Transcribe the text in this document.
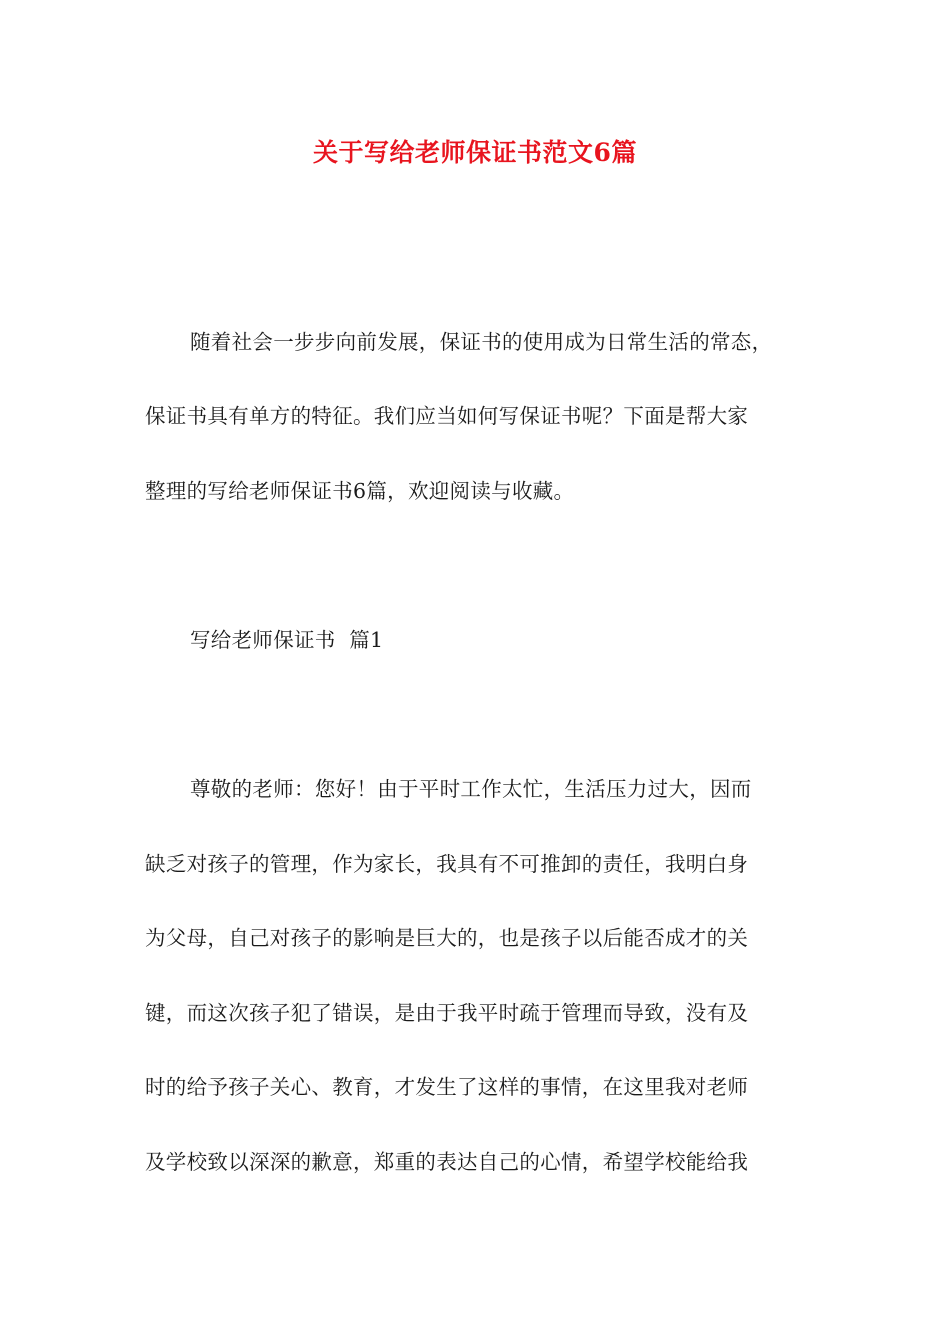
关于写给老师保证书范文6篇
随着社会一步步向前发展，保证书的使用成为日常生活的常态，
保证书具有单方的特征。我们应当如何写保证书呢？下面是帮大家
整理的写给老师保证书6篇，欢迎阅读与收藏。
写给老师保证书  篇1
尊敬的老师：您好！由于平时工作太忙，生活压力过大，因而
缺乏对孩子的管理，作为家长，我具有不可推卸的责任，我明白身
为父母，自己对孩子的影响是巨大的，也是孩子以后能否成才的关
键，而这次孩子犯了错误，是由于我平时疏于管理而导致，没有及
时的给予孩子关心、教育，才发生了这样的事情，在这里我对老师
及学校致以深深的歉意，郑重的表达自己的心情，希望学校能给我
